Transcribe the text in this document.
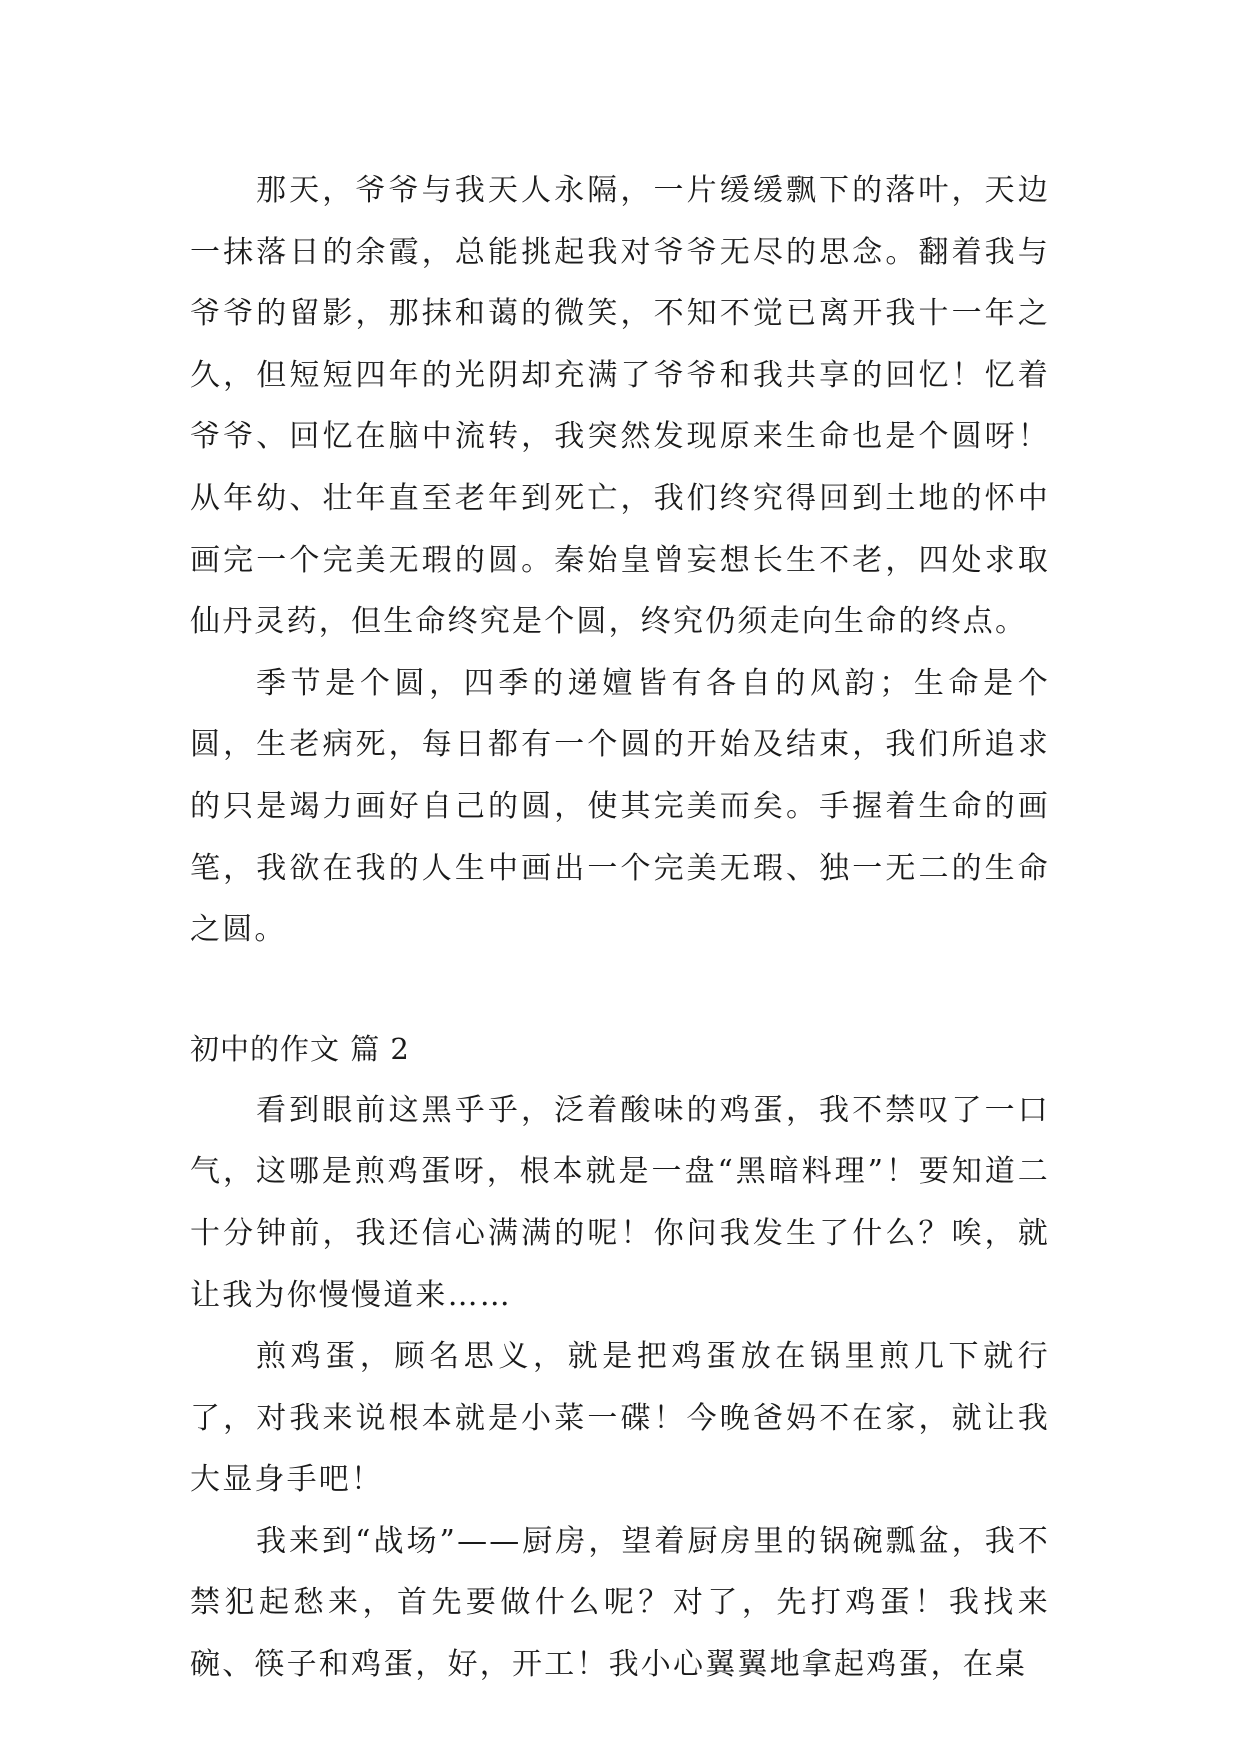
那天，爷爷与我天人永隔，一片缓缓飘下的落叶，天边一抹落日的余霞，总能挑起我对爷爷无尽的思念。翻着我与爷爷的留影，那抹和蔼的微笑，不知不觉已离开我十一年之久，但短短四年的光阴却充满了爷爷和我共享的回忆！忆着爷爷、回忆在脑中流转，我突然发现原来生命也是个圆呀！从年幼、壮年直至老年到死亡，我们终究得回到土地的怀中画完一个完美无瑕的圆。秦始皇曾妄想长生不老，四处求取仙丹灵药，但生命终究是个圆，终究仍须走向生命的终点。

季节是个圆，四季的递嬗皆有各自的风韵；生命是个圆，生老病死，每日都有一个圆的开始及结束，我们所追求的只是竭力画好自己的圆，使其完美而矣。手握着生命的画笔，我欲在我的人生中画出一个完美无瑕、独一无二的生命之圆。

初中的作文 篇 2

看到眼前这黑乎乎，泛着酸味的鸡蛋，我不禁叹了一口气，这哪是煎鸡蛋呀，根本就是一盘“黑暗料理”！要知道二十分钟前，我还信心满满的呢！你问我发生了什么？唉，就让我为你慢慢道来……

煎鸡蛋，顾名思义，就是把鸡蛋放在锅里煎几下就行了，对我来说根本就是小菜一碟！今晚爸妈不在家，就让我大显身手吧！

我来到“战场”——厨房，望着厨房里的锅碗瓢盆，我不禁犯起愁来，首先要做什么呢？对了，先打鸡蛋！我找来碗、筷子和鸡蛋，好，开工！我小心翼翼地拿起鸡蛋，在桌
